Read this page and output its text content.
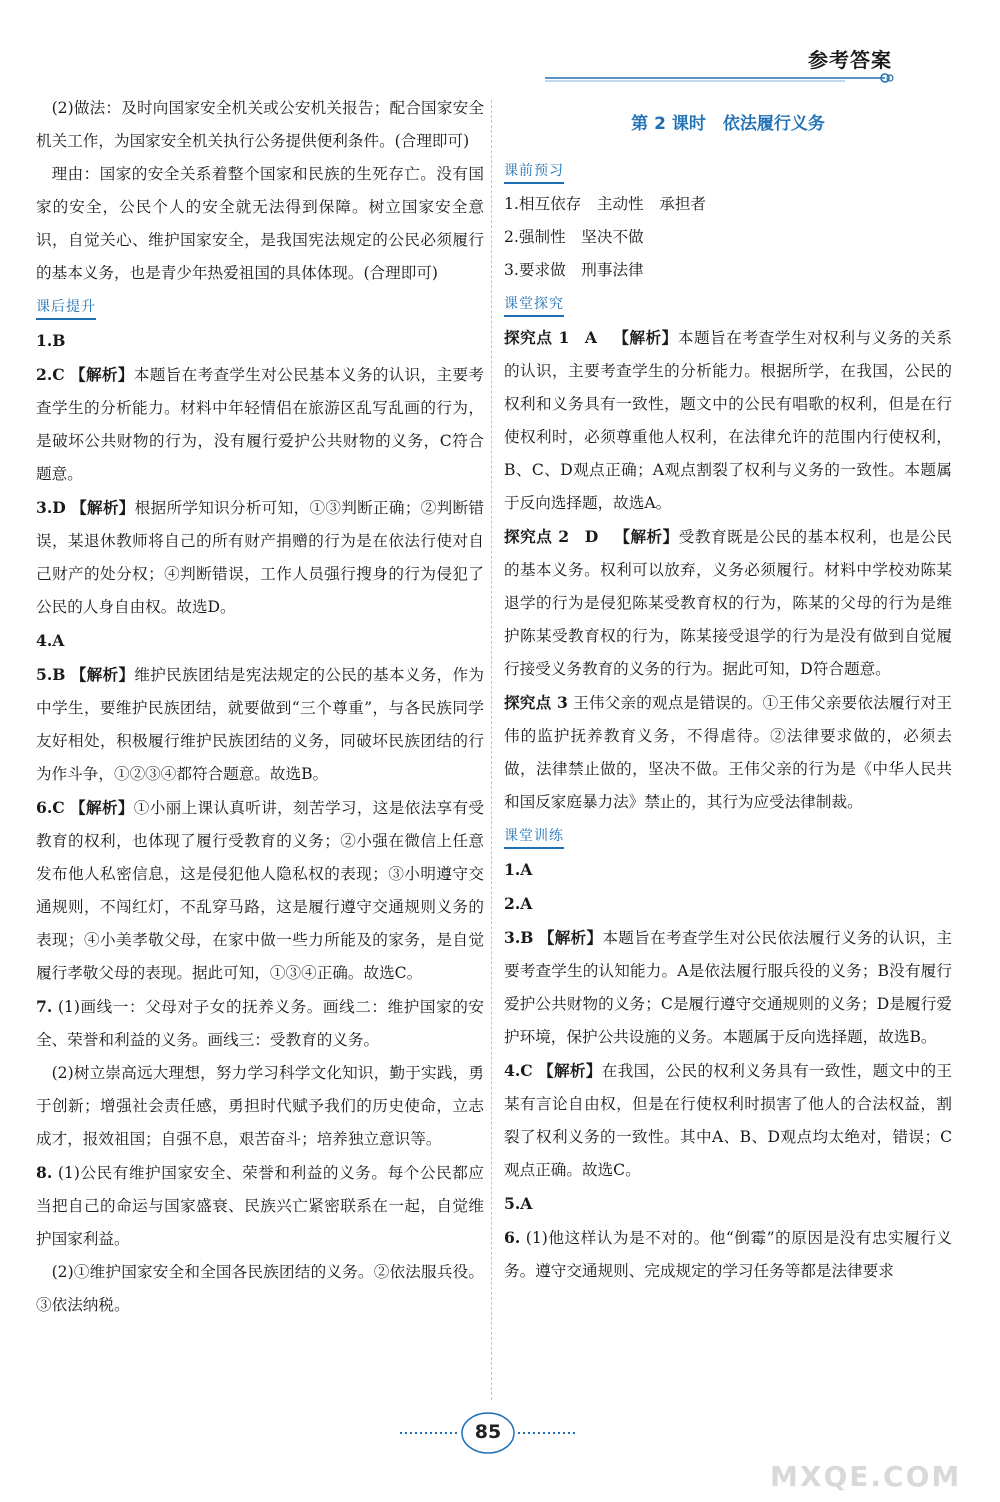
参考答案

(2)做法：及时向国家安全机关或公安机关报告；配合国家安全机关工作，为国家安全机关执行公务提供便利条件。(合理即可)

理由：国家的安全关系着整个国家和民族的生死存亡。没有国家的安全，公民个人的安全就无法得到保障。树立国家安全意识，自觉关心、维护国家安全，是我国宪法规定的公民必须履行的基本义务，也是青少年热爱祖国的具体体现。(合理即可)

课后提升

1.B

2.C 【解析】本题旨在考查学生对公民基本义务的认识，主要考查学生的分析能力。材料中年轻情侣在旅游区乱写乱画的行为，是破坏公共财物的行为，没有履行爱护公共财物的义务，C符合题意。

3.D 【解析】根据所学知识分析可知，①③判断正确；②判断错误，某退休教师将自己的所有财产捐赠的行为是在依法行使对自己财产的处分权；④判断错误，工作人员强行搜身的行为侵犯了公民的人身自由权。故选D。

4.A

5.B 【解析】维护民族团结是宪法规定的公民的基本义务，作为中学生，要维护民族团结，就要做到“三个尊重”，与各民族同学友好相处，积极履行维护民族团结的义务，同破坏民族团结的行为作斗争，①②③④都符合题意。故选B。

6.C 【解析】①小丽上课认真听讲，刻苦学习，这是依法享有受教育的权利，也体现了履行受教育的义务；②小强在微信上任意发布他人私密信息，这是侵犯他人隐私权的表现；③小明遵守交通规则，不闯红灯，不乱穿马路，这是履行遵守交通规则义务的表现；④小美孝敬父母，在家中做一些力所能及的家务，是自觉履行孝敬父母的表现。据此可知，①③④正确。故选C。

7. (1)画线一：父母对子女的抚养义务。画线二：维护国家的安全、荣誉和利益的义务。画线三：受教育的义务。

(2)树立崇高远大理想，努力学习科学文化知识，勤于实践，勇于创新；增强社会责任感，勇担时代赋予我们的历史使命，立志成才，报效祖国；自强不息，艰苦奋斗；培养独立意识等。

8. (1)公民有维护国家安全、荣誉和利益的义务。每个公民都应当把自己的命运与国家盛衰、民族兴亡紧密联系在一起，自觉维护国家利益。

(2)①维护国家安全和全国各民族团结的义务。②依法服兵役。③依法纳税。

第 2 课时　依法履行义务
课前预习

1.相互依存　主动性　承担者

2.强制性　坚决不做

3.要求做　刑事法律

课堂探究

探究点 1 A 【解析】本题旨在考查学生对权利与义务的关系的认识，主要考查学生的分析能力。根据所学，在我国，公民的权利和义务具有一致性，题文中的公民有唱歌的权利，但是在行使权利时，必须尊重他人权利，在法律允许的范围内行使权利，B、C、D观点正确；A观点割裂了权利与义务的一致性。本题属于反向选择题，故选A。

探究点 2 D 【解析】受教育既是公民的基本权利，也是公民的基本义务。权利可以放弃，义务必须履行。材料中学校劝陈某退学的行为是侵犯陈某受教育权的行为，陈某的父母的行为是维护陈某受教育权的行为，陈某接受退学的行为是没有做到自觉履行接受义务教育的义务的行为。据此可知，D符合题意。

探究点 3 王伟父亲的观点是错误的。①王伟父亲要依法履行对王伟的监护抚养教育义务，不得虐待。②法律要求做的，必须去做，法律禁止做的，坚决不做。王伟父亲的行为是《中华人民共和国反家庭暴力法》禁止的，其行为应受法律制裁。

课堂训练

1.A

2.A

3.B 【解析】本题旨在考查学生对公民依法履行义务的认识，主要考查学生的认知能力。A是依法履行服兵役的义务；B没有履行爱护公共财物的义务；C是履行遵守交通规则的义务；D是履行爱护环境，保护公共设施的义务。本题属于反向选择题，故选B。

4.C 【解析】在我国，公民的权利义务具有一致性，题文中的王某有言论自由权，但是在行使权利时损害了他人的合法权益，割裂了权利义务的一致性。其中A、B、D观点均太绝对，错误；C观点正确。故选C。

5.A

6. (1)他这样认为是不对的。他“倒霉”的原因是没有忠实履行义务。遵守交通规则、完成规定的学习任务等都是法律要求

85
MXQE.COM
